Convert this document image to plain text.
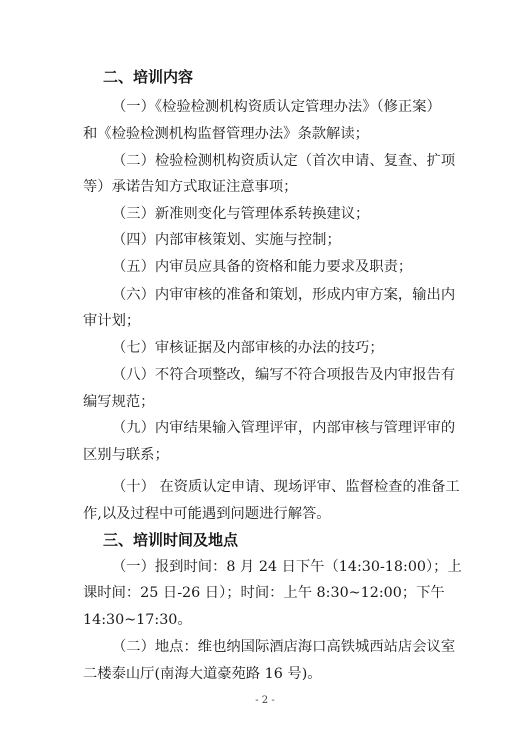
二、培训内容
（一）《检验检测机构资质认定管理办法》（修正案）
和《检验检测机构监督管理办法》条款解读；
（二）检验检测机构资质认定（首次申请、复查、扩项
等）承诺告知方式取证注意事项；
（三）新准则变化与管理体系转换建议；
（四）内部审核策划、实施与控制；
（五）内审员应具备的资格和能力要求及职责；
（六）内审审核的准备和策划，形成内审方案，输出内
审计划；
（七）审核证据及内部审核的办法的技巧；
（八）不符合项整改，编写不符合项报告及内审报告有
编写规范；
（九）内审结果输入管理评审，内部审核与管理评审的
区别与联系；
（十） 在资质认定申请、现场评审、监督检查的准备工
作,以及过程中可能遇到问题进行解答。
三、培训时间及地点
（一）报到时间：8 月 24 日下午（14:30-18:00）；上
课时间：25 日-26 日）；时间：上午 8:30~12:00；下午
14:30~17:30。
（二）地点：维也纳国际酒店海口高铁城西站店会议室
二楼泰山厅(南海大道豪苑路 16 号)。
- 2 -
